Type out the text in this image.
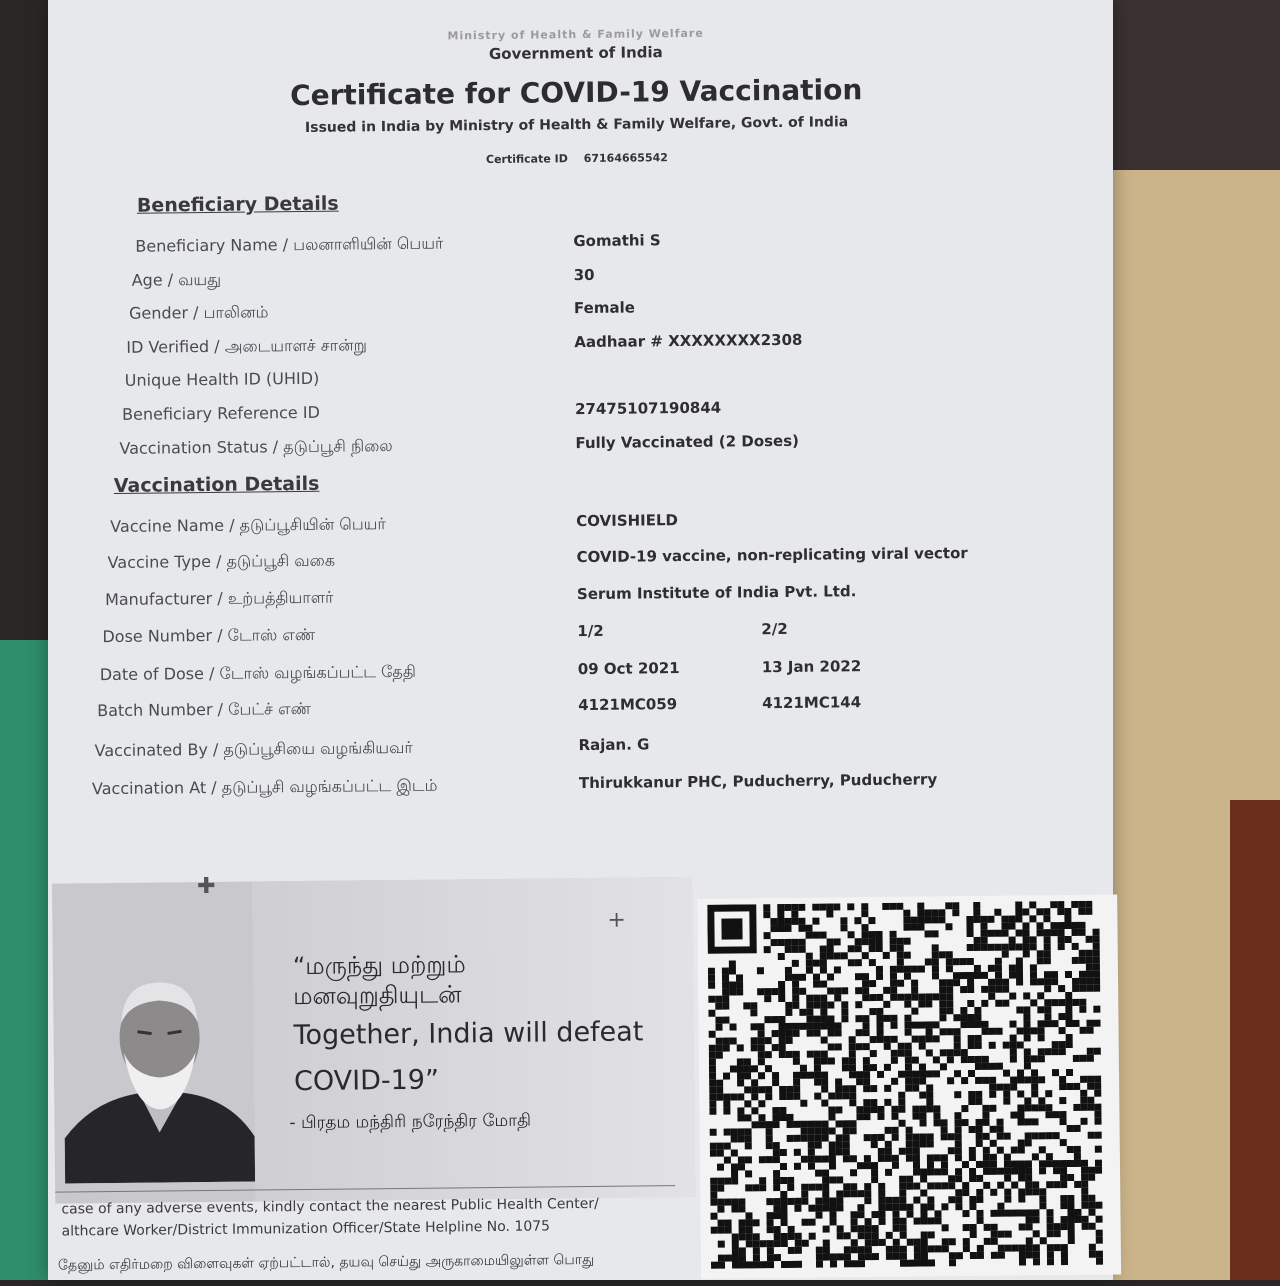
Ministry of Health & Family Welfare
Government of India
Certificate for COVID-19 Vaccination
Issued in India by Ministry of Health & Family Welfare, Govt. of India
Certificate ID 67164665542
Beneficiary Details
Beneficiary Name / பலனாளியின் பெயர்	Gomathi S
Age / வயது	30
Gender / பாலினம்	Female
ID Verified / அடையாளச் சான்று	Aadhaar # XXXXXXXX2308
Unique Health ID (UHID)
Beneficiary Reference ID	27475107190844
Vaccination Status / தடுப்பூசி நிலை	Fully Vaccinated (2 Doses)
Vaccination Details
Vaccine Name / தடுப்பூசியின் பெயர்	COVISHIELD
Vaccine Type / தடுப்பூசி வகை	COVID-19 vaccine, non-replicating viral vector
Manufacturer / உற்பத்தியாளர்	Serum Institute of India Pvt. Ltd.
Dose Number / டோஸ் எண்	1/2	2/2
Date of Dose / டோஸ் வழங்கப்பட்ட தேதி	09 Oct 2021	13 Jan 2022
Batch Number / பேட்ச் எண்	4121MC059	4121MC144
Vaccinated By / தடுப்பூசியை வழங்கியவர்	Rajan. G
Vaccination At / தடுப்பூசி வழங்கப்பட்ட இடம்	Thirukkanur PHC, Puducherry, Puducherry
✚
+
“மருந்து மற்றும்
மனவுறுதியுடன்
Together, India will defeat COVID-19”
- பிரதம மந்திரி நரேந்திர மோதி
case of any adverse events, kindly contact the nearest Public Health Center/
althcare Worker/District Immunization Officer/State Helpline No. 1075
தேனும் எதிர்மறை விளைவுகள் ஏற்பட்டால், தயவு செய்து அருகாமையிலுள்ள பொது
